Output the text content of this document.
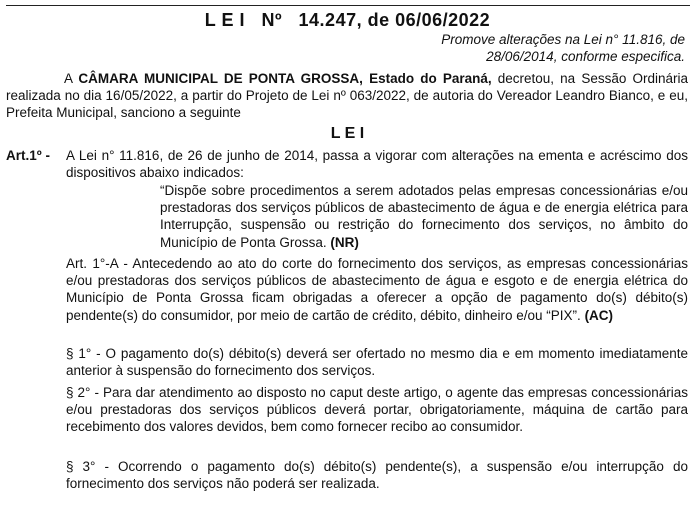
L E I   Nº   14.247, de 06/06/2022
Promove alterações na Lei n° 11.816, de 28/06/2014, conforme especifica.
A CÂMARA MUNICIPAL DE PONTA GROSSA, Estado do Paraná, decretou, na Sessão Ordinária realizada no dia 16/05/2022, a partir do Projeto de Lei nº 063/2022, de autoria do Vereador Leandro Bianco, e eu, Prefeita Municipal, sanciono a seguinte
L E I
Art.1º -	A Lei n° 11.816, de 26 de junho de 2014, passa a vigorar com alterações na ementa e acréscimo dos dispositivos abaixo indicados:
“Dispõe sobre procedimentos a serem adotados pelas empresas concessionárias e/ou prestadoras dos serviços públicos de abastecimento de água e de energia elétrica para Interrupção, suspensão ou restrição do fornecimento dos serviços, no âmbito do Município de Ponta Grossa. (NR)
Art. 1°-A - Antecedendo ao ato do corte do fornecimento dos serviços, as empresas concessionárias e/ou prestadoras dos serviços públicos de abastecimento de água e esgoto e de energia elétrica do Município de Ponta Grossa ficam obrigadas a oferecer a opção de pagamento do(s) débito(s) pendente(s) do consumidor, por meio de cartão de crédito, débito, dinheiro e/ou “PIX”. (AC)
§ 1° - O pagamento do(s) débito(s) deverá ser ofertado no mesmo dia e em momento imediatamente anterior à suspensão do fornecimento dos serviços.
§ 2° - Para dar atendimento ao disposto no caput deste artigo, o agente das empresas concessionárias e/ou prestadoras dos serviços públicos deverá portar, obrigatoriamente, máquina de cartão para recebimento dos valores devidos, bem como fornecer recibo ao consumidor.
§ 3° - Ocorrendo o pagamento do(s) débito(s) pendente(s), a suspensão e/ou interrupção do fornecimento dos serviços não poderá ser realizada.
